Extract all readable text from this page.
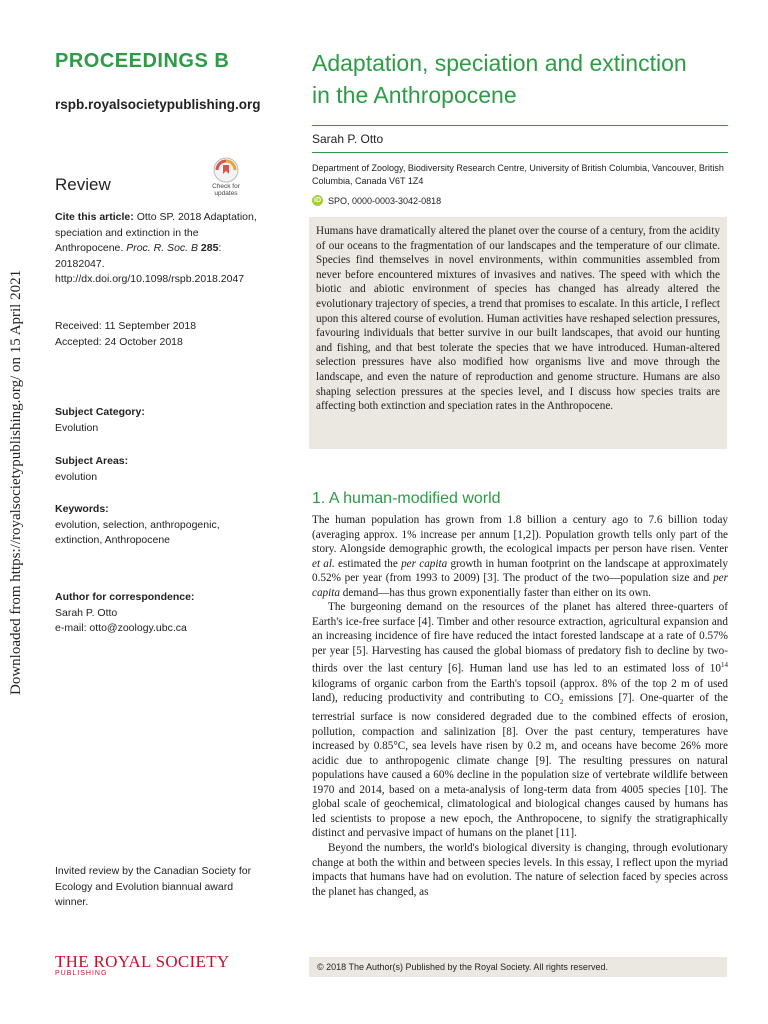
Downloaded from https://royalsocietypublishing.org/ on 15 April 2021
PROCEEDINGS B
rspb.royalsocietypublishing.org
Review	Check for updates
Cite this article: Otto SP. 2018 Adaptation, speciation and extinction in the Anthropocene. Proc. R. Soc. B 285: 20182047.
http://dx.doi.org/10.1098/rspb.2018.2047
Received: 11 September 2018
Accepted: 24 October 2018
Subject Category:
Evolution
Subject Areas:
evolution
Keywords:
evolution, selection, anthropogenic, extinction, Anthropocene
Author for correspondence:
Sarah P. Otto
e-mail: otto@zoology.ubc.ca
Invited review by the Canadian Society for Ecology and Evolution biannual award winner.
THE ROYAL SOCIETY
PUBLISHING
Adaptation, speciation and extinction
in the Anthropocene
Sarah P. Otto
Department of Zoology, Biodiversity Research Centre, University of British Columbia, Vancouver, British Columbia, Canada V6T 1Z4
iD SPO, 0000-0003-3042-0818
Humans have dramatically altered the planet over the course of a century, from the acidity of our oceans to the fragmentation of our landscapes and the temperature of our climate. Species find themselves in novel environments, within communities assembled from never before encountered mixtures of invasives and natives. The speed with which the biotic and abiotic environment of species has changed has already altered the evolutionary trajectory of species, a trend that promises to escalate. In this article, I reflect upon this altered course of evolution. Human activities have reshaped selection pressures, favouring individuals that better survive in our built landscapes, that avoid our hunting and fishing, and that best tolerate the species that we have introduced. Human-altered selection pressures have also modified how organisms live and move through the landscape, and even the nature of reproduction and genome structure. Humans are also shaping selection pressures at the species level, and I discuss how species traits are affecting both extinction and speciation rates in the Anthropocene.
1. A human-modified world

The human population has grown from 1.8 billion a century ago to 7.6 billion today (averaging approx. 1% increase per annum [1,2]). Population growth tells only part of the story. Alongside demographic growth, the ecological impacts per person have risen. Venter et al. estimated the per capita growth in human footprint on the landscape at approximately 0.52% per year (from 1993 to 2009) [3]. The product of the two—population size and per capita demand—has thus grown exponentially faster than either on its own.

The burgeoning demand on the resources of the planet has altered three-quarters of Earth's ice-free surface [4]. Timber and other resource extraction, agricultural expansion and an increasing incidence of fire have reduced the intact forested landscape at a rate of 0.57% per year [5]. Harvesting has caused the global biomass of predatory fish to decline by two-thirds over the last century [6]. Human land use has led to an estimated loss of $10^{14}$ kilograms of organic carbon from the Earth's topsoil (approx. 8% of the top 2 m of used land), reducing productivity and contributing to $CO_2$ emissions [7]. One-quarter of the terrestrial surface is now considered degraded due to the combined effects of erosion, pollution, compaction and salinization [8]. Over the past century, temperatures have increased by 0.85°C, sea levels have risen by 0.2 m, and oceans have become 26% more acidic due to anthropogenic climate change [9]. The resulting pressures on natural populations have caused a 60% decline in the population size of vertebrate wildlife between 1970 and 2014, based on a meta-analysis of long-term data from 4005 species [10]. The global scale of geochemical, climatological and biological changes caused by humans has led scientists to propose a new epoch, the Anthropocene, to signify the stratigraphically distinct and pervasive impact of humans on the planet [11].

Beyond the numbers, the world's biological diversity is changing, through evolutionary change at both the within and between species levels. In this essay, I reflect upon the myriad impacts that humans have had on evolution. The nature of selection faced by species across the planet has changed, as

© 2018 The Author(s) Published by the Royal Society. All rights reserved.
